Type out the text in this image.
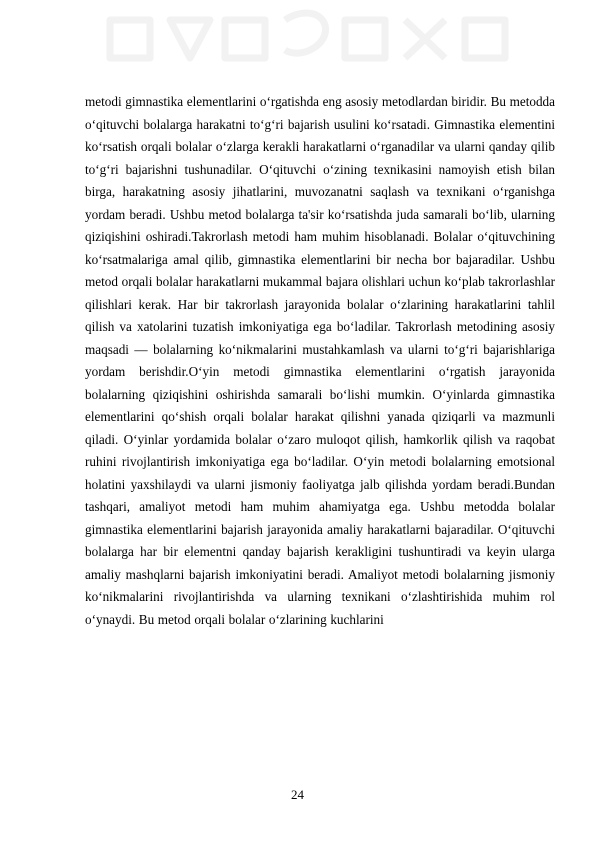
metodi gimnastika elementlarini oʻrgatishda eng asosiy metodlardan biridir. Bu metodda oʻqituvchi bolalarga harakatni toʻgʻri bajarish usulini koʻrsatadi. Gimnastika elementini koʻrsatish orqali bolalar oʻzlarga kerakli harakatlarni oʻrganadilar va ularni qanday qilib toʻgʻri bajarishni tushunadilar. Oʻqituvchi oʻzining texnikasini namoyish etish bilan birga, harakatning asosiy jihatlarini, muvozanatni saqlash va texnikani oʻrganishga yordam beradi. Ushbu metod bolalarga ta'sir koʻrsatishda juda samarali boʻlib, ularning qiziqishini oshiradi.Takrorlash metodi ham muhim hisoblanadi. Bolalar oʻqituvchining koʻrsatmalariga amal qilib, gimnastika elementlarini bir necha bor bajaradilar. Ushbu metod orqali bolalar harakatlarni mukammal bajara olishlari uchun koʻplab takrorlashlar qilishlari kerak. Har bir takrorlash jarayonida bolalar oʻzlarining harakatlarini tahlil qilish va xatolarini tuzatish imkoniyatiga ega boʻladilar. Takrorlash metodining asosiy maqsadi — bolalarning koʻnikmalarini mustahkamlash va ularni toʻgʻri bajarishlariga yordam berishdir.Oʻyin metodi gimnastika elementlarini oʻrgatish jarayonida bolalarning qiziqishini oshirishda samarali boʻlishi mumkin. Oʻyinlarda gimnastika elementlarini qoʻshish orqali bolalar harakat qilishni yanada qiziqarli va mazmunli qiladi. Oʻyinlar yordamida bolalar oʻzaro muloqot qilish, hamkorlik qilish va raqobat ruhini rivojlantirish imkoniyatiga ega boʻladilar. Oʻyin metodi bolalarning emotsional holatini yaxshilaydi va ularni jismoniy faoliyatga jalb qilishda yordam beradi.Bundan tashqari, amaliyot metodi ham muhim ahamiyatga ega. Ushbu metodda bolalar gimnastika elementlarini bajarish jarayonida amaliy harakatlarni bajaradilar. Oʻqituvchi bolalarga har bir elementni qanday bajarish kerakligini tushuntiradi va keyin ularga amaliy mashqlarni bajarish imkoniyatini beradi. Amaliyot metodi bolalarning jismoniy koʻnikmalarini rivojlantirishda va ularning texnikani oʻzlashtirishida muhim rol oʻynaydi. Bu metod orqali bolalar oʻzlarining kuchlarini

24
